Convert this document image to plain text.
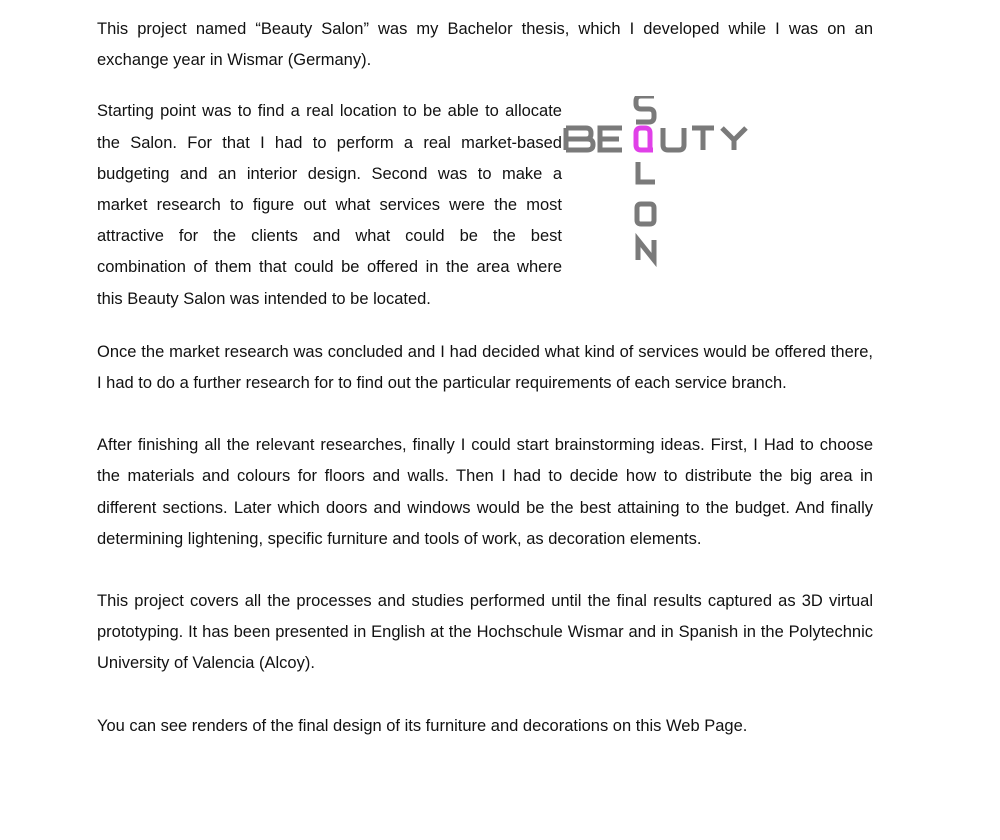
This project named “Beauty Salon” was my Bachelor thesis, which I developed while I was on an exchange year in Wismar (Germany).

Starting point was to find a real location to be able to allocate the Salon. For that I had to perform a real market-based budgeting and an interior design. Second was to make a market research to figure out what services were the most attractive for the clients and what could be the best combination of them that could be offered in the area where this Beauty Salon was intended to be located.

Once the market research was concluded and I had decided what kind of services would be offered there, I had to do a further research for to find out the particular requirements of each service branch.

After finishing all the relevant researches, finally I could start brainstorming ideas. First, I Had to choose the materials and colours for floors and walls. Then I had to decide how to distribute the big area in different sections. Later which doors and windows would be the best attaining to the budget. And finally determining lightening, specific furniture and tools of work, as decoration elements.

This project covers all the processes and studies performed until the final results captured as 3D virtual prototyping. It has been presented in English at the Hochschule Wismar and in Spanish in the Polytechnic University of Valencia (Alcoy).

You can see renders of the final design of its furniture and decorations on this Web Page.
